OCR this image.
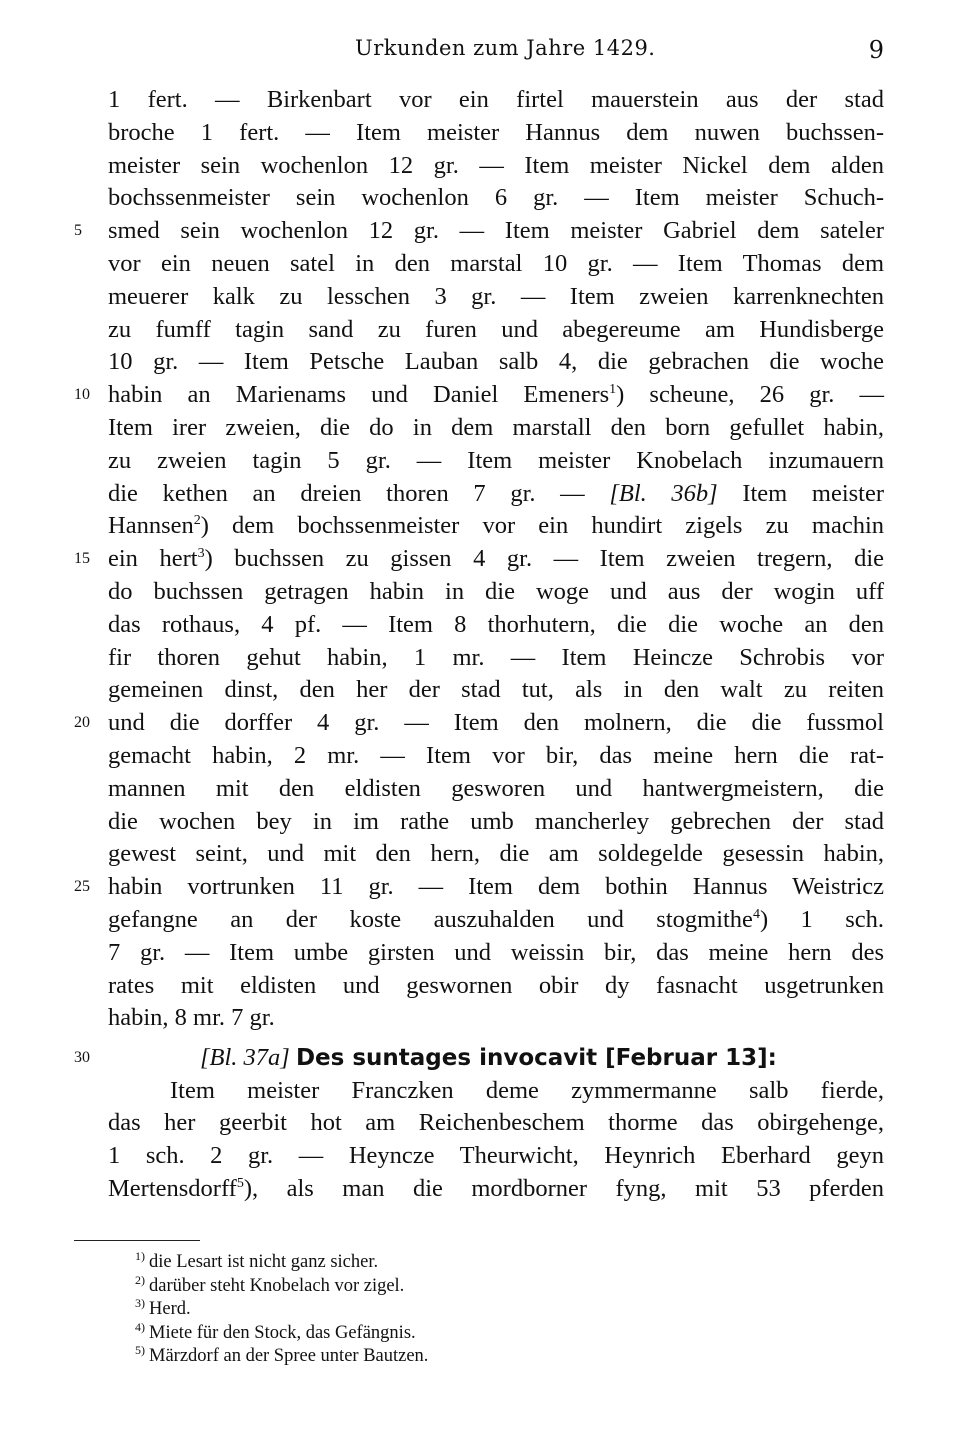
Urkunden zum Jahre 1429.	9
1 fert. — Birkenbart vor ein firtel mauerstein aus der stad
broche 1 fert. — Item meister Hannus dem nuwen buchssen-
meister sein wochenlon 12 gr. — Item meister Nickel dem alden
bochssenmeister sein wochenlon 6 gr. — Item meister Schuch-
smed sein wochenlon 12 gr. — Item meister Gabriel dem sateler
vor ein neuen satel in den marstal 10 gr. — Item Thomas dem
meuerer kalk zu lesschen 3 gr. — Item zweien karrenknechten
zu fumff tagin sand zu furen und abegereume am Hundisberge
10 gr. — Item Petsche Lauban salb 4, die gebrachen die woche
habin an Marienams und Daniel Emeners$^1$) scheune, 26 gr. —
Item irer zweien, die do in dem marstall den born gefullet habin,
zu zweien tagin 5 gr. — Item meister Knobelach inzumauern
die kethen an dreien thoren 7 gr. — [Bl. 36b] Item meister
Hannsen$^2$) dem bochssenmeister vor ein hundirt zigels zu machin
ein hert$^3$) buchssen zu gissen 4 gr. — Item zweien tregern, die
do buchssen getragen habin in die woge und aus der wogin uff
das rothaus, 4 pf. — Item 8 thorhutern, die die woche an den
fir thoren gehut habin, 1 mr. — Item Heincze Schrobis vor
gemeinen dinst, den her der stad tut, als in den walt zu reiten
und die dorffer 4 gr. — Item den molnern, die die fussmol
gemacht habin, 2 mr. — Item vor bir, das meine hern die rat-
mannen mit den eldisten gesworen und hantwergmeistern, die
die wochen bey in im rathe umb mancherley gebrechen der stad
gewest seint, und mit den hern, die am soldegelde gesessin habin,
habin vortrunken 11 gr. — Item dem bothin Hannus Weistricz
gefangne an der koste auszuhalden und stogmithe$^4$) 1 sch.
7 gr. — Item umbe girsten und weissin bir, das meine hern des
rates mit eldisten und geswornen obir dy fasnacht usgetrunken
habin, 8 mr. 7 gr.
5
10
15
20
25
30	[Bl. 37a] Des suntages invocavit [Februar 13]:
Item meister Franczken deme zymmermanne salb fierde,
das her geerbit hot am Reichenbeschem thorme das obirgehenge,
1 sch. 2 gr. — Heyncze Theurwicht, Heynrich Eberhard geyn
Mertensdorff$^5$), als man die mordborner fyng, mit 53 pferden
$^{1)}$ die Lesart ist nicht ganz sicher.
$^{2)}$ darüber steht Knobelach vor zigel.
$^{3)}$ Herd.
$^{4)}$ Miete für den Stock, das Gefängnis.
$^{5)}$ Märzdorf an der Spree unter Bautzen.
